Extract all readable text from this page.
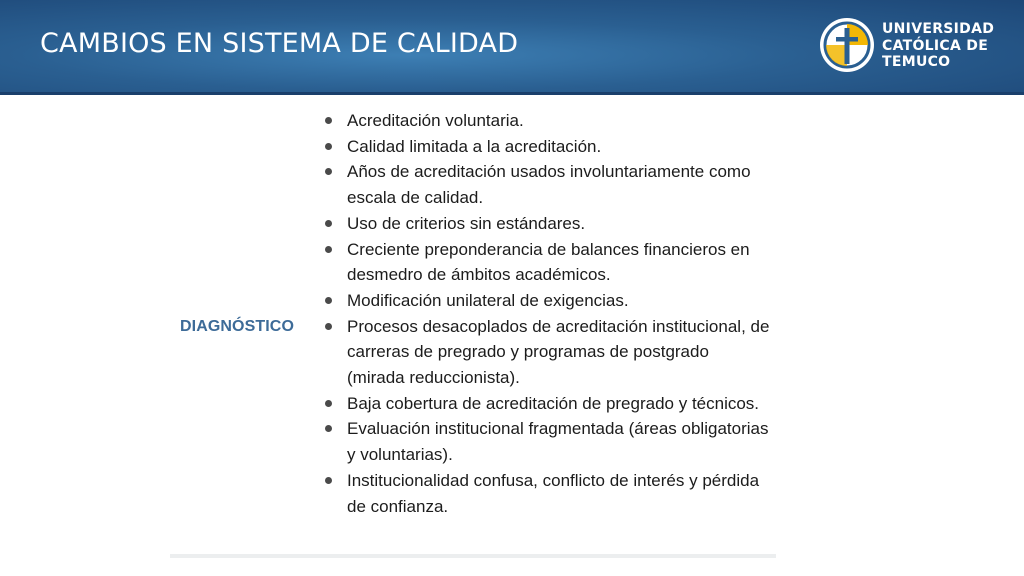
CAMBIOS EN SISTEMA DE CALIDAD	UNIVERSIDAD
CATÓLICA DE
TEMUCO
DIAGNÓSTICO
Acreditación voluntaria.
Calidad limitada a la acreditación.
Años de acreditación usados involuntariamente como escala de calidad.
Uso de criterios sin estándares.
Creciente preponderancia de balances financieros en desmedro de ámbitos académicos.
Modificación unilateral de exigencias.
Procesos desacoplados de acreditación institucional, de carreras de pregrado y programas de postgrado (mirada reduccionista).
Baja cobertura de acreditación de pregrado y técnicos.
Evaluación institucional fragmentada (áreas obligatorias y voluntarias).
Institucionalidad confusa, conflicto de interés y pérdida de confianza.
